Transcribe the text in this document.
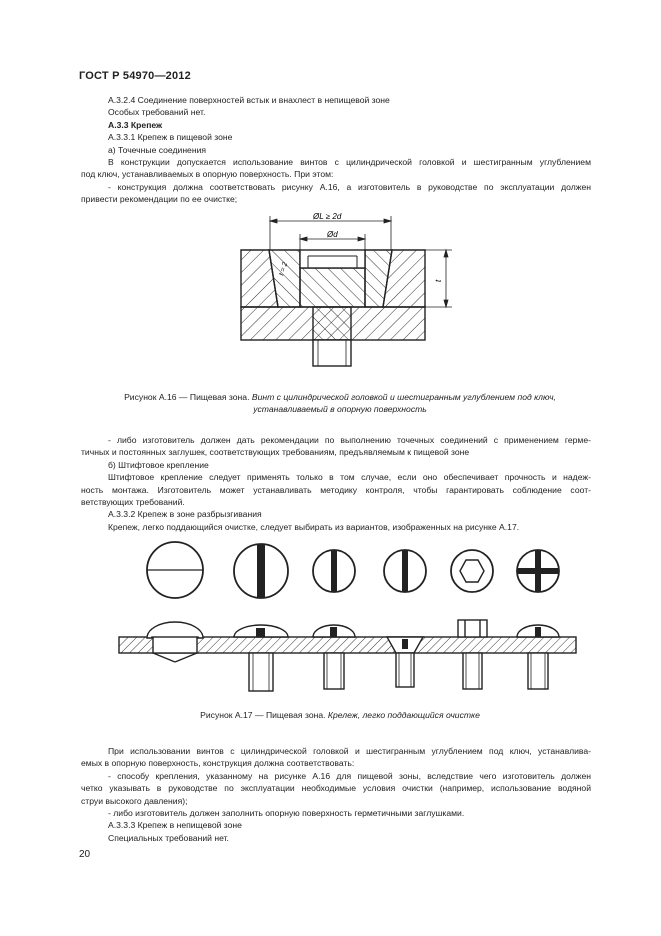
ГОСТ Р 54970—2012

А.3.2.4 Соединение поверхностей встык и внахлест в непищевой зоне

Особых требований нет.

А.3.3 Крепеж

А.3.3.1 Крепеж в пищевой зоне

а) Точечные соединения

В конструкции допускается использование винтов с цилиндрической головкой и шестигранным углублением

под ключ, устанавливаемых в опорную поверхность. При этом:

- конструкция должна соответствовать рисунку А.16, а изготовитель в руководстве по эксплуатации должен

привести рекомендации по ее очистке;

ØL ≥ 2d
Ød
t = 2
t
Рисунок А.16 — Пищевая зона. Винт с цилиндрической головкой и шестигранным углублением под ключ,
устанавливаемый в опорную поверхность

- либо изготовитель должен дать рекомендации по выполнению точечных соединений с применением герме-

тичных и постоянных заглушек, соответствующих требованиям, предъявляемым к пищевой зоне

б) Штифтовое крепление

Штифтовое крепление следует применять только в том случае, если оно обеспечивает прочность и надеж-

ность монтажа. Изготовитель может устанавливать методику контроля, чтобы гарантировать соблюдение соот-

ветствующих требований.

А.3.3.2 Крепеж в зоне разбрызгивания

Крепеж, легко поддающийся очистке, следует выбирать из вариантов, изображенных на рисунке А.17.

Рисунок А.17 — Пищевая зона. Крележ, легко поддающийся очистке

При использовании винтов с цилиндрической головкой и шестигранным углублением под ключ, устанавлива-

емых в опорную поверхность, конструкция должна соответствовать:

- способу крепления, указанному на рисунке А.16 для пищевой зоны, вследствие чего изготовитель должен

четко указывать в руководстве по эксплуатации необходимые условия очистки (например, использование водяной

струи высокого давления);

- либо изготовитель должен заполнить опорную поверхность герметичными заглушками.

А.3.3.3 Крепеж в непищевой зоне

Специальных требований нет.

20
